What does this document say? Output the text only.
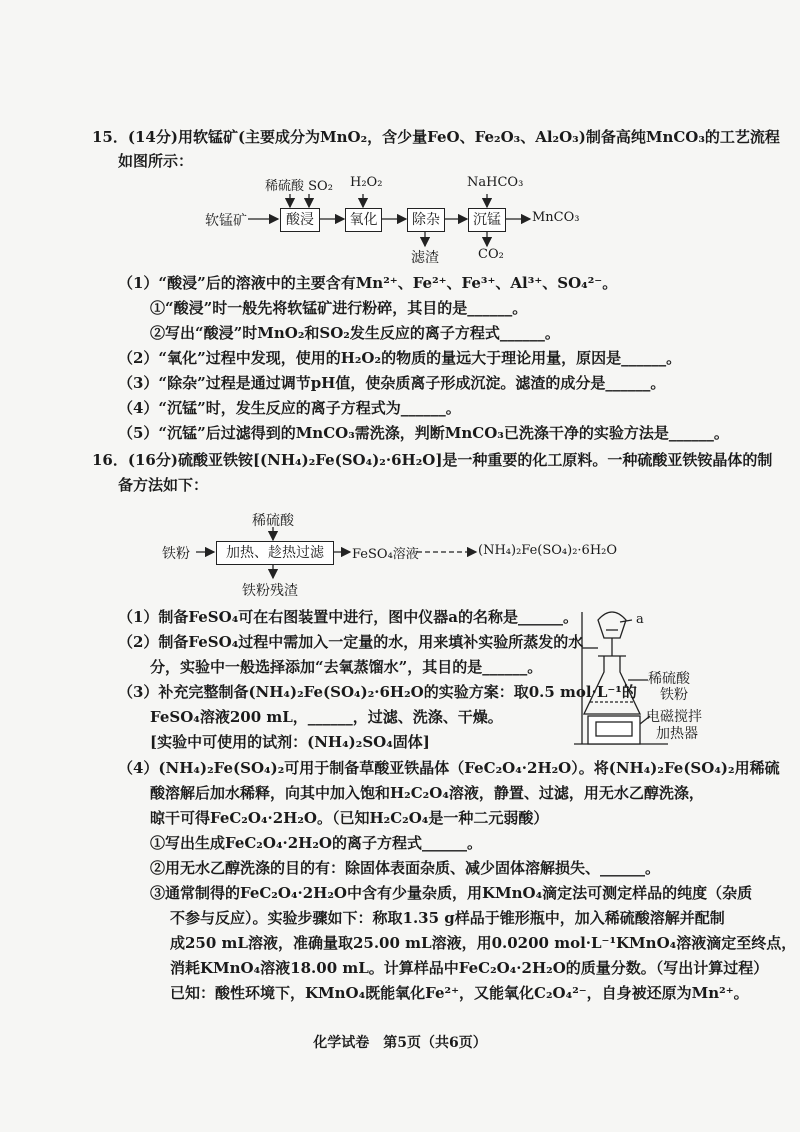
15．(14分)用软锰矿(主要成分为MnO₂，含少量FeO、Fe₂O₃、Al₂O₃)制备高纯MnCO₃的工艺流程
如图所示：
酸浸	氧化	除杂	沉锰
软锰矿	MnCO₃
稀硫酸 SO₂ H₂O₂	NaHCO₃
滤渣	CO₂
（1）“酸浸”后的溶液中的主要含有Mn²⁺、Fe²⁺、Fe³⁺、Al³⁺、SO₄²⁻。
①“酸浸”时一般先将软锰矿进行粉碎，其目的是______。
②写出“酸浸”时MnO₂和SO₂发生反应的离子方程式______。
（2）“氧化”过程中发现，使用的H₂O₂的物质的量远大于理论用量，原因是______。
（3）“除杂”过程是通过调节pH值，使杂质离子形成沉淀。滤渣的成分是______。
（4）“沉锰”时，发生反应的离子方程式为______。
（5）“沉锰”后过滤得到的MnCO₃需洗涤，判断MnCO₃已洗涤干净的实验方法是______。
16．(16分)硫酸亚铁铵[(NH₄)₂Fe(SO₄)₂·6H₂O]是一种重要的化工原料。一种硫酸亚铁铵晶体的制
备方法如下：
加热、趁热过滤
铁粉	FeSO₄溶液	(NH₄)₂Fe(SO₄)₂·6H₂O
稀硫酸
铁粉残渣
a
稀硫酸
铁粉
电磁搅拌
加热器
（1）制备FeSO₄可在右图装置中进行，图中仪器a的名称是______。
（2）制备FeSO₄过程中需加入一定量的水，用来填补实验所蒸发的水
分，实验中一般选择添加“去氧蒸馏水”，其目的是______。
（3）补充完整制备(NH₄)₂Fe(SO₄)₂·6H₂O的实验方案：取0.5 mol·L⁻¹的
FeSO₄溶液200 mL，______，过滤、洗涤、干燥。
[实验中可使用的试剂：(NH₄)₂SO₄固体]
（4）(NH₄)₂Fe(SO₄)₂可用于制备草酸亚铁晶体（FeC₂O₄·2H₂O）。将(NH₄)₂Fe(SO₄)₂用稀硫
酸溶解后加水稀释，向其中加入饱和H₂C₂O₄溶液，静置、过滤，用无水乙醇洗涤，
晾干可得FeC₂O₄·2H₂O。（已知H₂C₂O₄是一种二元弱酸）
①写出生成FeC₂O₄·2H₂O的离子方程式______。
②用无水乙醇洗涤的目的有：除固体表面杂质、减少固体溶解损失、______。
③通常制得的FeC₂O₄·2H₂O中含有少量杂质，用KMnO₄滴定法可测定样品的纯度（杂质
不参与反应）。实验步骤如下：称取1.35 g样品于锥形瓶中，加入稀硫酸溶解并配制
成250 mL溶液，准确量取25.00 mL溶液，用0.0200 mol·L⁻¹KMnO₄溶液滴定至终点，
消耗KMnO₄溶液18.00 mL。计算样品中FeC₂O₄·2H₂O的质量分数。（写出计算过程）
已知：酸性环境下，KMnO₄既能氧化Fe²⁺，又能氧化C₂O₄²⁻，自身被还原为Mn²⁺。
化学试卷　第5页（共6页）
